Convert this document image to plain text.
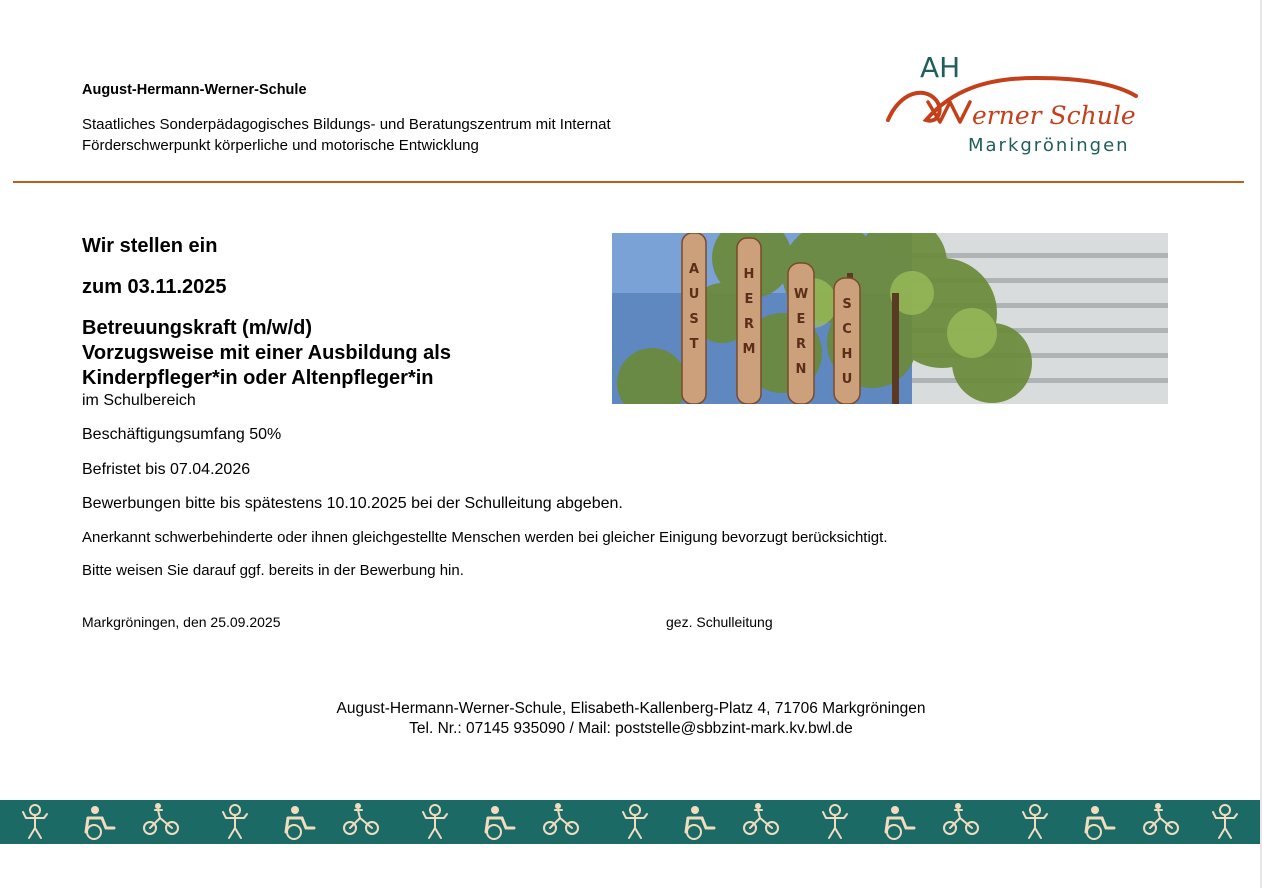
August-Hermann-Werner-Schule
Staatliches Sonderpädagogisches Bildungs- und Beratungszentrum mit Internat
Förderschwerpunkt körperliche und motorische Entwicklung
AH
erner Schule
Markgröningen
Wir stellen ein
zum 03.11.2025
Betreuungskraft (m/w/d)
Vorzugsweise mit einer Ausbildung als
Kinderpfleger*in oder Altenpfleger*in
im Schulbereich
Beschäftigungsumfang 50%
Befristet bis 07.04.2026
Bewerbungen bitte bis spätestens 10.10.2025 bei der Schulleitung abgeben.
Anerkannt schwerbehinderte oder ihnen gleichgestellte Menschen werden bei gleicher Einigung bevorzugt berücksichtigt.
Bitte weisen Sie darauf ggf. bereits in der Bewerbung hin.
A
U
S
T
H
E
R
M
W
E
R
N
S
C
H
U
Markgröningen, den 25.09.2025	gez. Schulleitung
August-Hermann-Werner-Schule, Elisabeth-Kallenberg-Platz 4, 71706 Markgröningen
Tel. Nr.: 07145 935090 / Mail: poststelle@sbbzint-mark.kv.bwl.de
